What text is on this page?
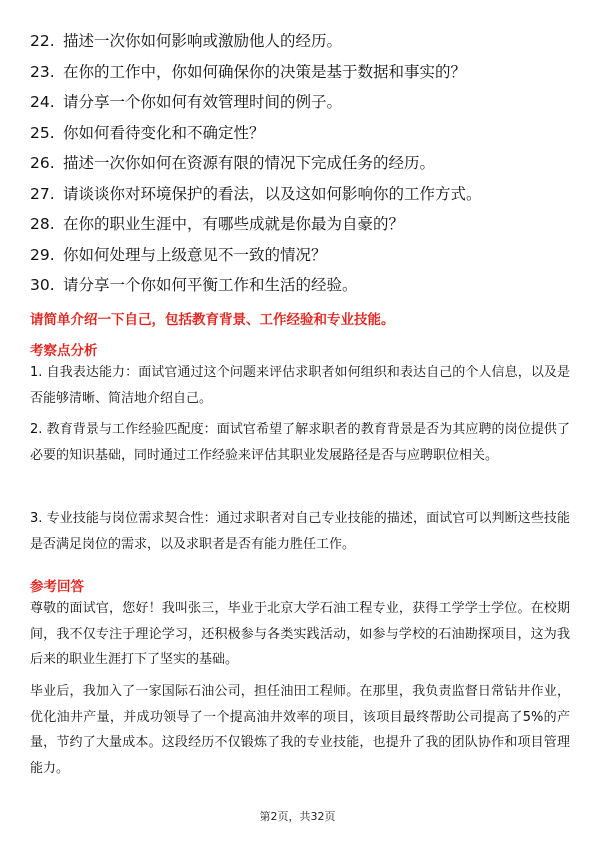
22. 描述一次你如何影响或激励他人的经历。
23. 在你的工作中，你如何确保你的决策是基于数据和事实的？
24. 请分享一个你如何有效管理时间的例子。
25. 你如何看待变化和不确定性？
26. 描述一次你如何在资源有限的情况下完成任务的经历。
27. 请谈谈你对环境保护的看法，以及这如何影响你的工作方式。
28. 在你的职业生涯中，有哪些成就是你最为自豪的？
29. 你如何处理与上级意见不一致的情况？
30. 请分享一个你如何平衡工作和生活的经验。
请简单介绍一下自己，包括教育背景、工作经验和专业技能。
考察点分析
1. 自我表达能力：面试官通过这个问题来评估求职者如何组织和表达自己的个人信息，以及是否能够清晰、简洁地介绍自己。
2. 教育背景与工作经验匹配度：面试官希望了解求职者的教育背景是否为其应聘的岗位提供了必要的知识基础，同时通过工作经验来评估其职业发展路径是否与应聘职位相关。
3. 专业技能与岗位需求契合性：通过求职者对自己专业技能的描述，面试官可以判断这些技能是否满足岗位的需求，以及求职者是否有能力胜任工作。
参考回答
尊敬的面试官，您好！我叫张三，毕业于北京大学石油工程专业，获得工学学士学位。在校期间，我不仅专注于理论学习，还积极参与各类实践活动，如参与学校的石油勘探项目，这为我后来的职业生涯打下了坚实的基础。
毕业后，我加入了一家国际石油公司，担任油田工程师。在那里，我负责监督日常钻井作业，优化油井产量，并成功领导了一个提高油井效率的项目，该项目最终帮助公司提高了5%的产量，节约了大量成本。这段经历不仅锻炼了我的专业技能，也提升了我的团队协作和项目管理能力。
第2页，共32页
